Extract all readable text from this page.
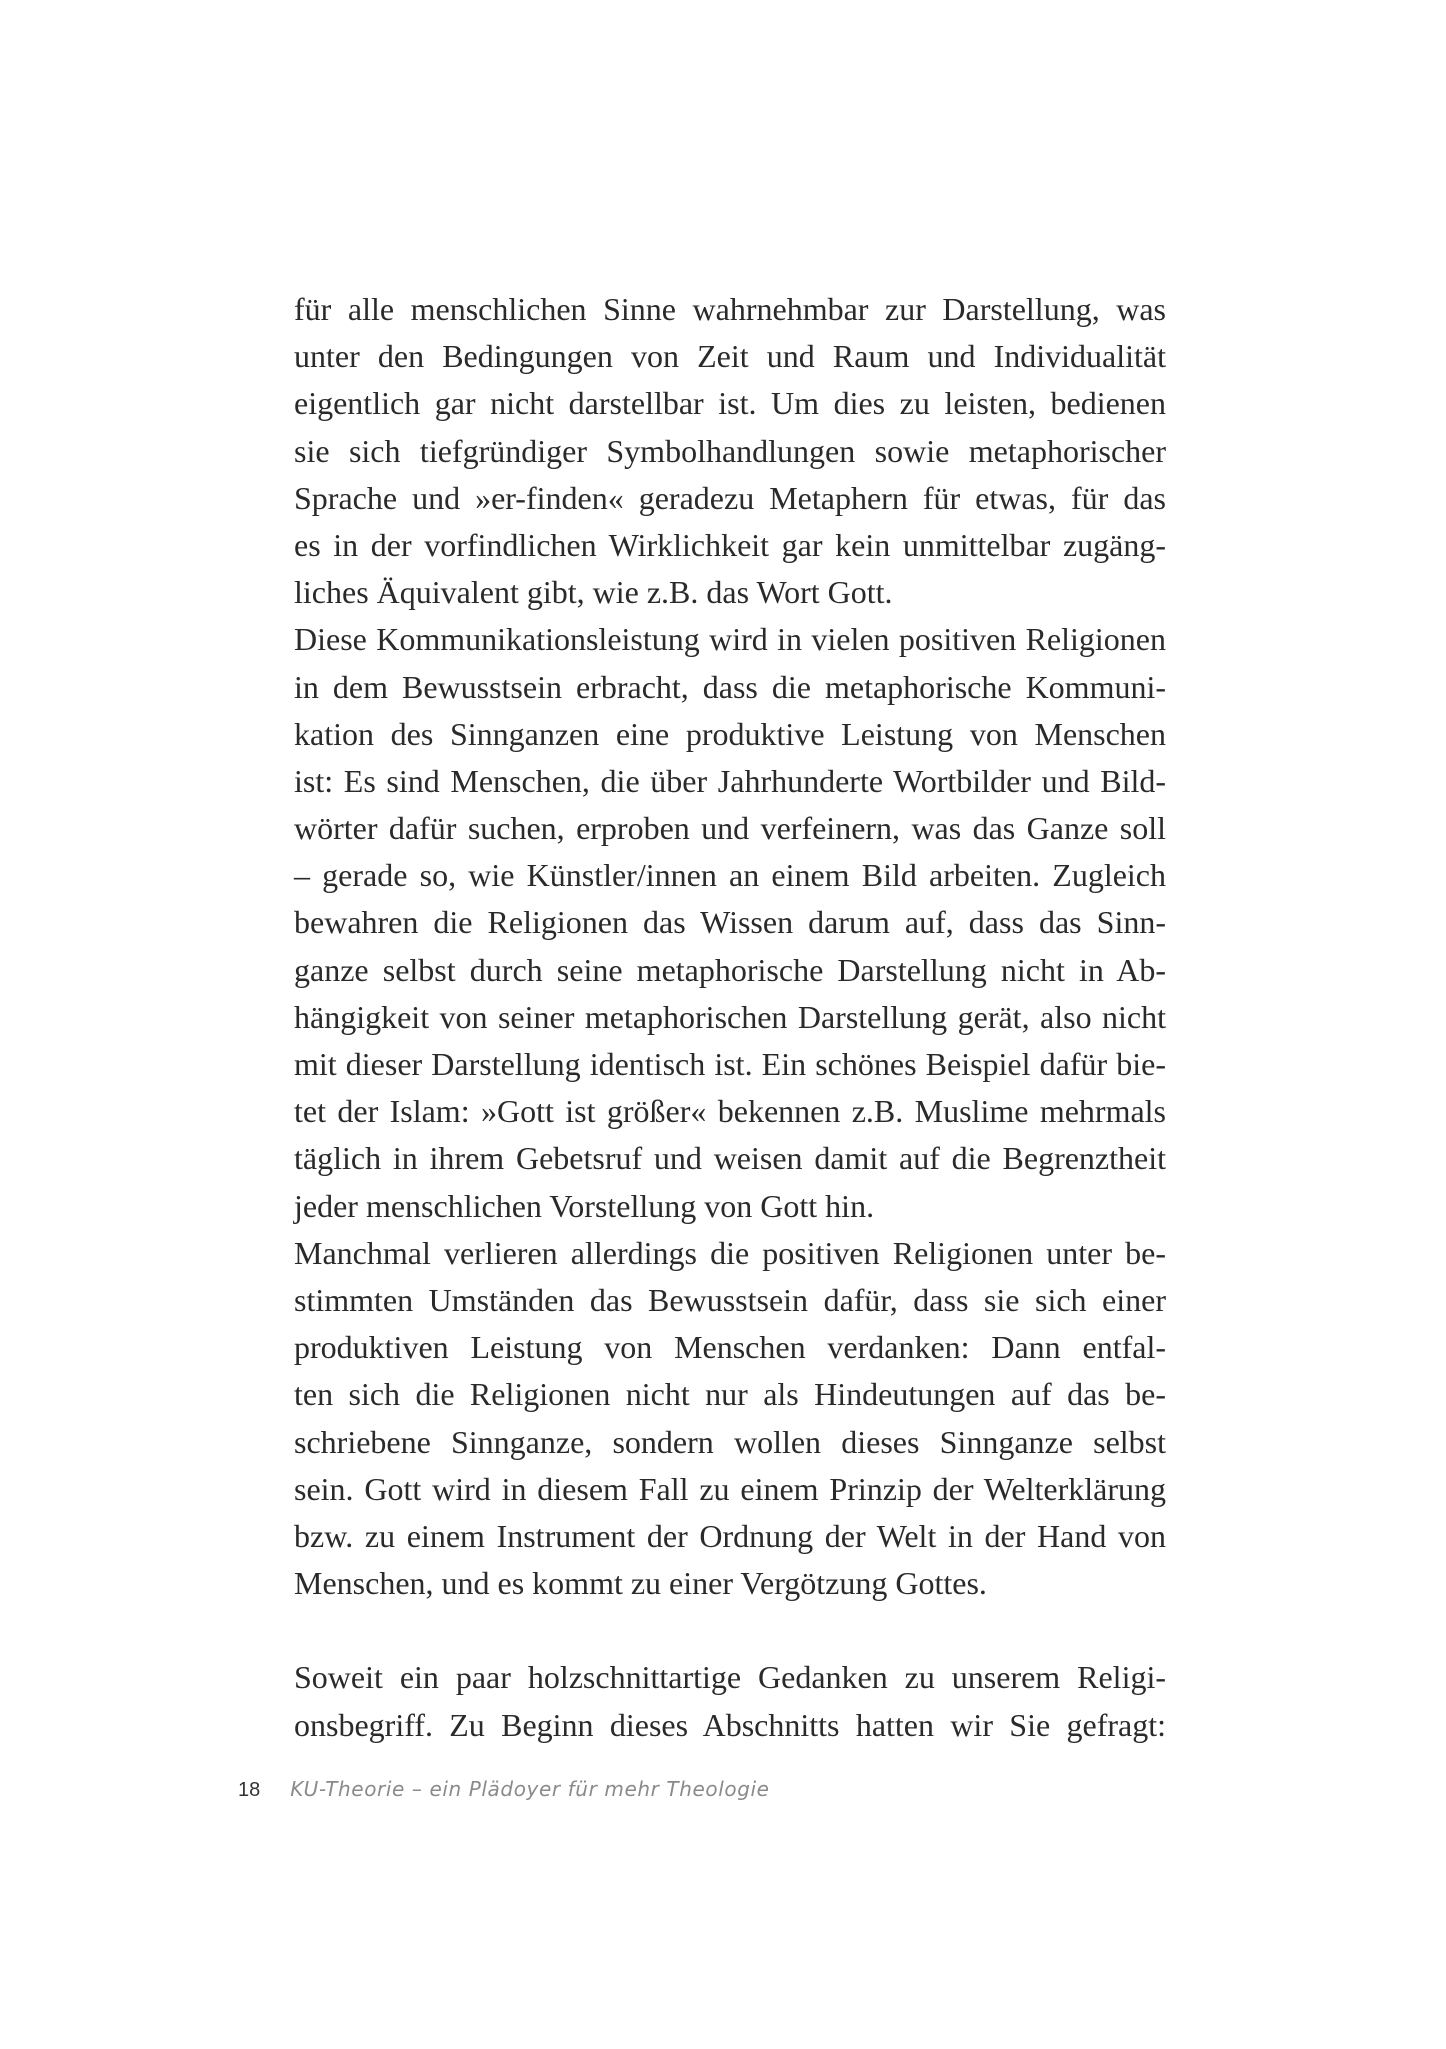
für alle menschlichen Sinne wahrnehmbar zur Darstellung, was
unter den Bedingungen von Zeit und Raum und Individualität
eigentlich gar nicht darstellbar ist. Um dies zu leisten, bedienen
sie sich tiefgründiger Symbolhandlungen sowie metaphorischer
Sprache und »er-finden« geradezu Metaphern für etwas, für das
es in der vorfindlichen Wirklichkeit gar kein unmittelbar zugäng-
liches Äquivalent gibt, wie z.B. das Wort Gott.
Diese Kommunikationsleistung wird in vielen positiven Religionen
in dem Bewusstsein erbracht, dass die metaphorische Kommuni-
kation des Sinnganzen eine produktive Leistung von Menschen
ist: Es sind Menschen, die über Jahrhunderte Wortbilder und Bild-
wörter dafür suchen, erproben und verfeinern, was das Ganze soll
– gerade so, wie Künstler/innen an einem Bild arbeiten. Zugleich
bewahren die Religionen das Wissen darum auf, dass das Sinn-
ganze selbst durch seine metaphorische Darstellung nicht in Ab-
hängigkeit von seiner metaphorischen Darstellung gerät, also nicht
mit dieser Darstellung identisch ist. Ein schönes Beispiel dafür bie-
tet der Islam: »Gott ist größer« bekennen z.B. Muslime mehrmals
täglich in ihrem Gebetsruf und weisen damit auf die Begrenztheit
jeder menschlichen Vorstellung von Gott hin.
Manchmal verlieren allerdings die positiven Religionen unter be-
stimmten Umständen das Bewusstsein dafür, dass sie sich einer
produktiven Leistung von Menschen verdanken: Dann entfal-
ten sich die Religionen nicht nur als Hindeutungen auf das be-
schriebene Sinnganze, sondern wollen dieses Sinnganze selbst
sein. Gott wird in diesem Fall zu einem Prinzip der Welterklärung
bzw. zu einem Instrument der Ordnung der Welt in der Hand von
Menschen, und es kommt zu einer Vergötzung Gottes.
Soweit ein paar holzschnittartige Gedanken zu unserem Religi-
onsbegriff. Zu Beginn dieses Abschnitts hatten wir Sie gefragt:
18 KU-Theorie – ein Plädoyer für mehr Theologie
